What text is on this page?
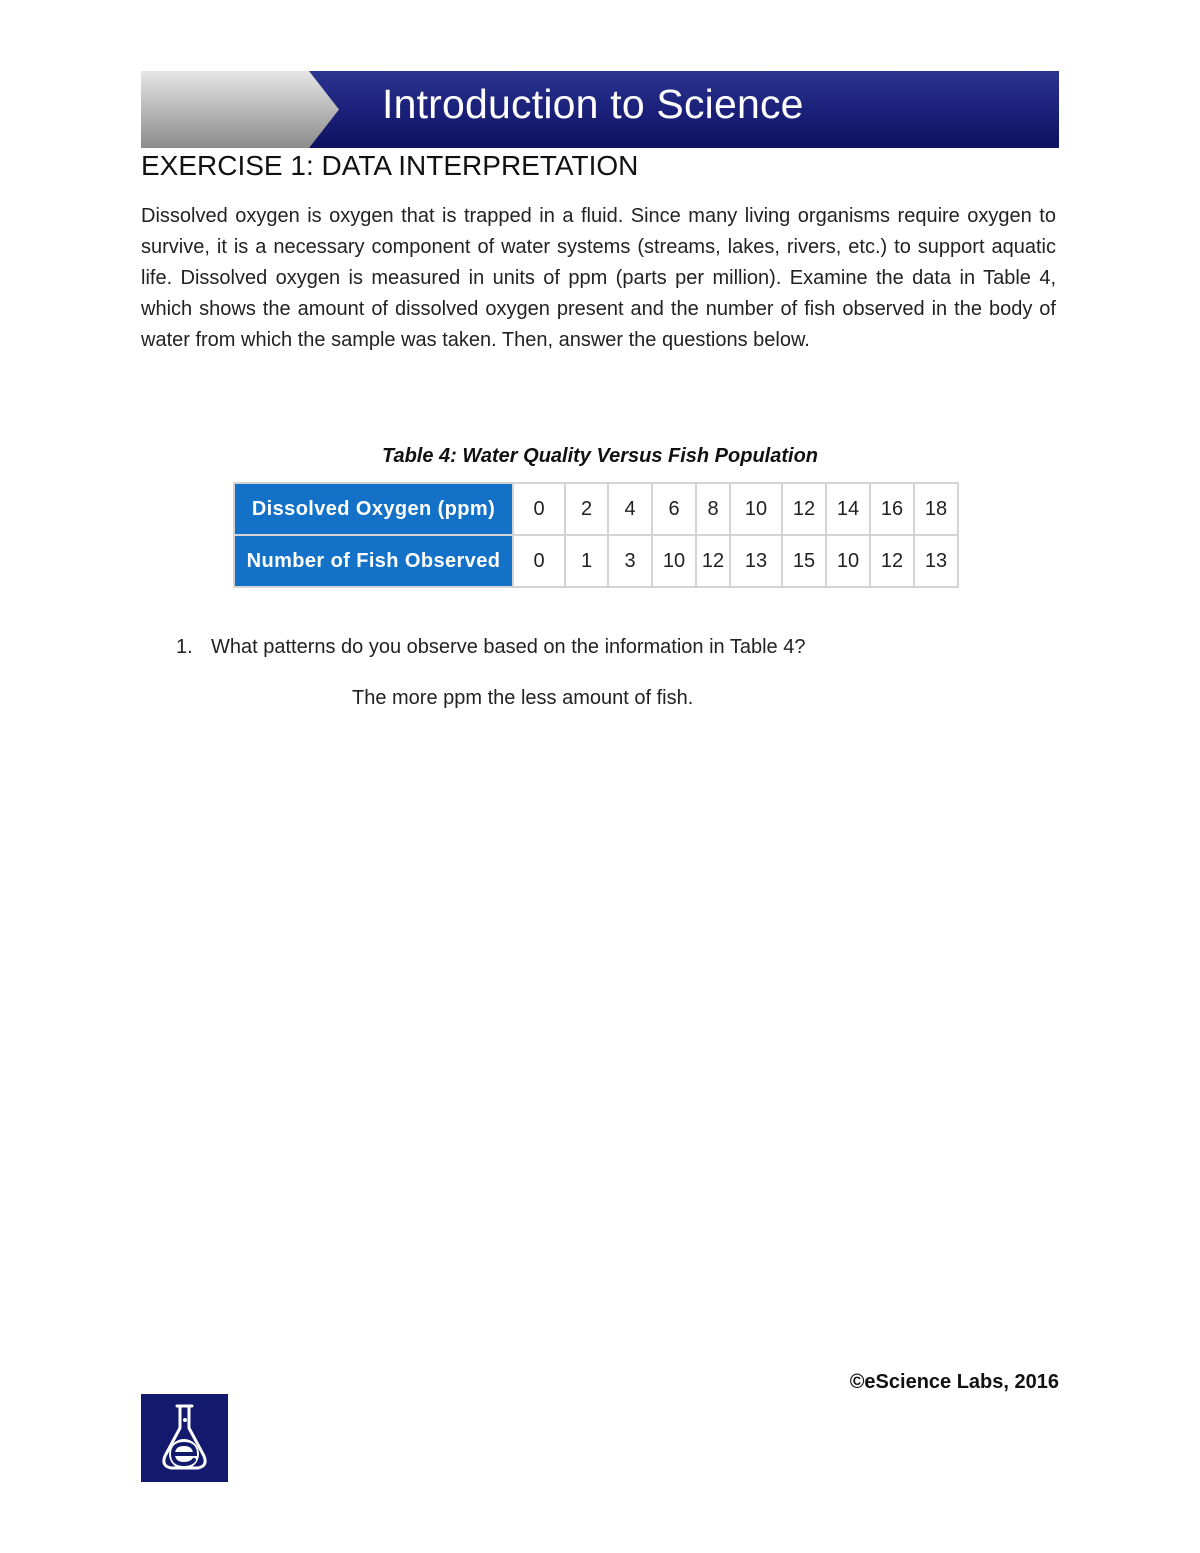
Introduction to Science
EXERCISE 1: DATA INTERPRETATION

Dissolved oxygen is oxygen that is trapped in a fluid. Since many living organisms require oxygen to survive, it is a necessary component of water systems (streams, lakes, rivers, etc.) to support aquatic life. Dissolved oxygen is measured in units of ppm (parts per million). Examine the data in Table 4, which shows the amount of dissolved oxygen present and the number of fish observed in the body of water from which the sample was taken. Then, answer the questions below.

Table 4: Water Quality Versus Fish Population
Dissolved Oxygen (ppm)	0	2	4	6	8	10	12	14	16	18
Number of Fish Observed	0	1	3	10	12	13	15	10	12	13
1. What patterns do you observe based on the information in Table 4?
The more ppm the less amount of fish.
©eScience Labs, 2016
